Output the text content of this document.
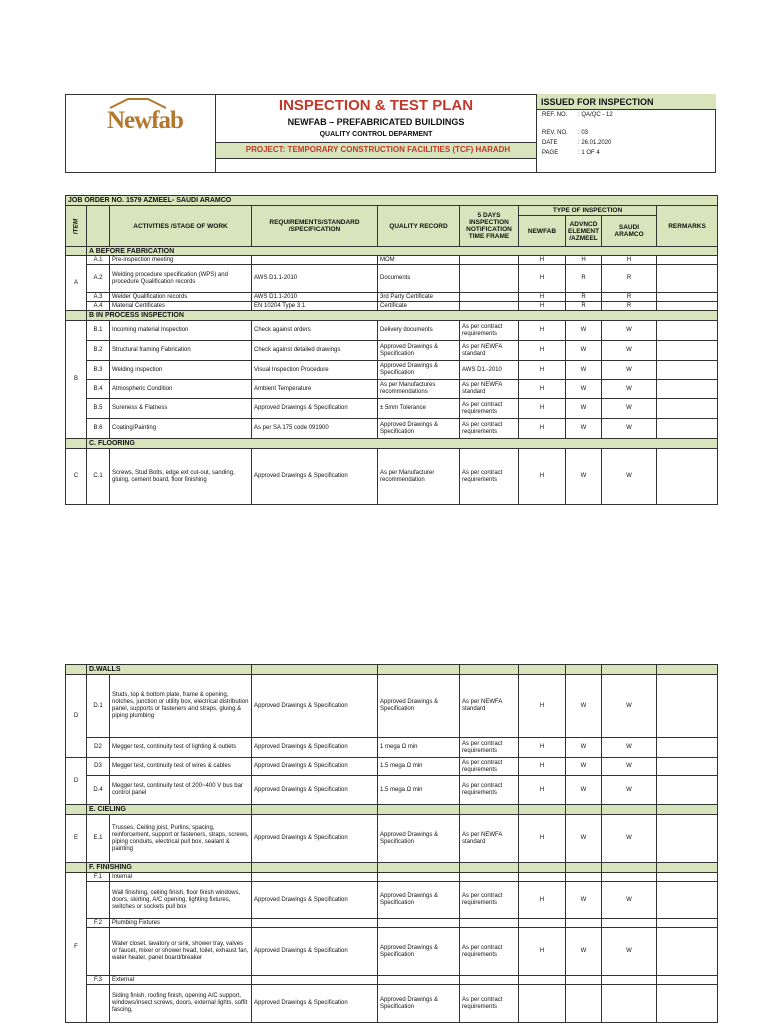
Newfab
INSPECTION & TEST PLAN
NEWFAB – PREFABRICATED BUILDINGS
QUALITY CONTROL DEPARMENT
PROJECT: TEMPORARY CONSTRUCTION FACILITIES (TCF) HARADH
ISSUED FOR INSPECTION
REF. NO. : QA/QC - 12
REV. NO. : 03
DATE	: 26.01.2020
PAGE	: 1 OF 4
JOB ORDER NO. 1579 AZMEEL- SAUDI ARAMCO									
ITEM		ACTIVITIES /STAGE OF WORK	REQUIREMENTS/STANDARD /SPECIFICATION	QUALITY RECORD	5 DAYS INSPECTION NOTIFICATION TIME FRAME	TYPE OF INSPECTION			RERMARKS
						NEWFAB	ADVNCD ELEMENT /AZMEEL	SAUDI ARAMCO	

	A BEFORE FABRICATION								
A	A.1	Pre-inspection meeting		MOM		H	H	H	
	A.2	Welding procedure specification (WPS) and procedure Qualification records	AWS D1.1-2010	Documents		H	R	R	
	A.3	Welder Qualification records	AWS D1.1-2010	3rd Party Certificate		H	R	R	
	A.4	Material Certificates	EN 10204 Type 3.1	Certificate		H	R	R	
	B IN PROCESS INSPECTION								
B	B.1	Incoming material Inspection	Check against orders	Delivery documents	As per contract requirements	H	W	W	
	B.2	Structural framing Fabrication	Check against detailed drawings	Approved Drawings & Specification	As per NEWFA standard	H	W	W	
	B.3	Welding inspection	Visual Inspection Procedure	Approved Drawings & Specification	AWS D1.-2010	H	W	W	
	B.4	Atmospheric Condition	Ambient Temperature	As per Manufactures recommendations	As per NEWFA standard	H	W	W	
	B.5	Sureness & Flatness	Approved Drawings & Specification	± 5mm Tolerance	As per contract requirements	H	W	W	
	B.6	Coating/Painting	As per SA 175 code 091900	Approved Drawings & Specification	As per contract requirements	H	W	W	
	C. FLOORING								
C	C.1	Screws, Stud Bolts, edge ext cut-out, sanding, gluing, cement board, floor finishing	Approved Drawings & Specification	As per Manufacturer recommendation	As per contract requirements	H	W	W	
	D.WALLS								
D	D.1	Studs, top & bottom plate, frame & opening, notches, junction or utility box, electrical distribution panel, supports or fasteners and straps, gluing & piping plumbing	Approved Drawings & Specification	Approved Drawings & Specification	As per NEWFA standard	H	W	W	
	D2	Megger test, continuity test of lighting & outlets	Approved Drawings & Specification	1 mega Ω min	As per contract requirements	H	W	W	
D	D3	Megger test, continuity test of wires & cables	Approved Drawings & Specification	1.5 mega Ω min	As per contract requirements	H	W	W	
	D.4	Megger test, continuity test of 200~400 V bus bar control panel	Approved Drawings & Specification	1.5 mega Ω min	As per contract requirements	H	W	W	
	E. CIELING								
E	E.1	Trusses, Ceiling joist, Purlins, spacing, reinforcement, support or fasteners, straps, screws, piping conduits, electrical pull box, sealant & painting	Approved Drawings & Specification	Approved Drawings & Specification	As per NEWFA standard	H	W	W	
	F. FINISHING								
F	F.1	Internal							
		Wall finishing, ceiling finish, floor finish windows, doors, skirting, A/C opening, lighting fixtures, switches or sockets pull box	Approved Drawings & Specification	Approved Drawings & Specification	As per contract requirements	H	W	W	
	F.2	Plumbing Fixtures							
		Water closet, lavatory or sink, shower tray, valves or faucet, mixer or shower head, toilet, exhaust fan, water heater, panel board/breaker	Approved Drawings & Specification	Approved Drawings & Specification	As per contract requirements	H	W	W	
	F.3	External							
		Siding finish, roofing finish, opening A/C support, windows/insect screws, doors, external lights, soffit fascing,	Approved Drawings & Specification	Approved Drawings & Specification	As per contract requirements				
